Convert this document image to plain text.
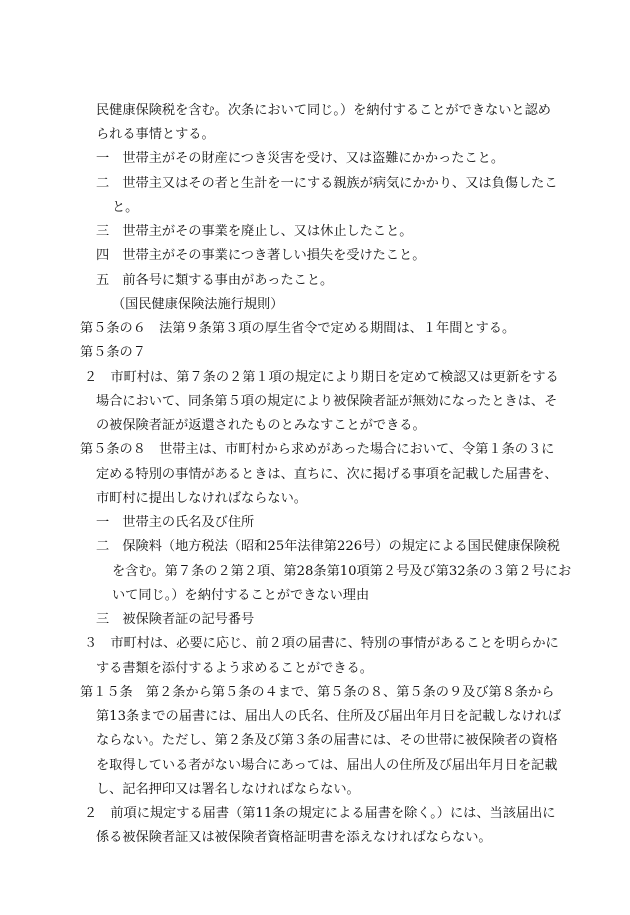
民健康保険税を含む。次条において同じ。）を納付することができないと認め
られる事情とする。
一　世帯主がその財産につき災害を受け、又は盗難にかかったこと。
二　世帯主又はその者と生計を一にする親族が病気にかかり、又は負傷したこ
と。
三　世帯主がその事業を廃止し、又は休止したこと。
四　世帯主がその事業につき著しい損失を受けたこと。
五　前各号に類する事由があったこと。
（国民健康保険法施行規則）
第５条の６　法第９条第３項の厚生省令で定める期間は、１年間とする。
第５条の７
２　市町村は、第７条の２第１項の規定により期日を定めて検認又は更新をする
場合において、同条第５項の規定により被保険者証が無効になったときは、そ
の被保険者証が返還されたものとみなすことができる。
第５条の８　世帯主は、市町村から求めがあった場合において、令第１条の３に
定める特別の事情があるときは、直ちに、次に掲げる事項を記載した届書を、
市町村に提出しなければならない。
一　世帯主の氏名及び住所
二　保険料（地方税法（昭和25年法律第226号）の規定による国民健康保険税
を含む。第７条の２第２項、第28条第10項第２号及び第32条の３第２号にお
いて同じ。）を納付することができない理由
三　被保険者証の記号番号
３　市町村は、必要に応じ、前２項の届書に、特別の事情があることを明らかに
する書類を添付するよう求めることができる。
第１５条　第２条から第５条の４まで、第５条の８、第５条の９及び第８条から
第13条までの届書には、届出人の氏名、住所及び届出年月日を記載しなければ
ならない。ただし、第２条及び第３条の届書には、その世帯に被保険者の資格
を取得している者がない場合にあっては、届出人の住所及び届出年月日を記載
し、記名押印又は署名しなければならない。
２　前項に規定する届書（第11条の規定による届書を除く。）には、当該届出に
係る被保険者証又は被保険者資格証明書を添えなければならない。
